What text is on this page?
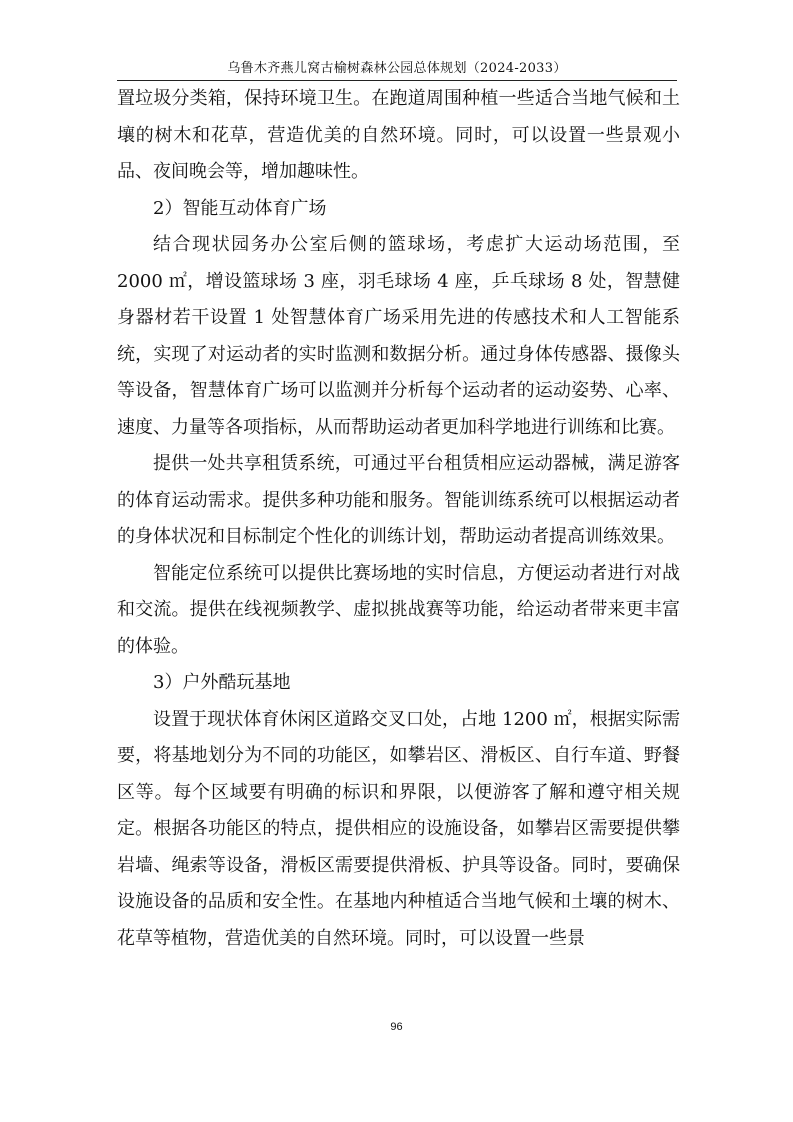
乌鲁木齐燕儿窝古榆树森林公园总体规划（2024-2033）

置垃圾分类箱，保持环境卫生。在跑道周围种植一些适合当地气候和土壤的树木和花草，营造优美的自然环境。同时，可以设置一些景观小品、夜间晚会等，增加趣味性。

2）智能互动体育广场

结合现状园务办公室后侧的篮球场，考虑扩大运动场范围，至 2000 ㎡，增设篮球场 3 座，羽毛球场 4 座，乒乓球场 8 处，智慧健身器材若干设置 1 处智慧体育广场采用先进的传感技术和人工智能系统，实现了对运动者的实时监测和数据分析。通过身体传感器、摄像头等设备，智慧体育广场可以监测并分析每个运动者的运动姿势、心率、速度、力量等各项指标，从而帮助运动者更加科学地进行训练和比赛。

提供一处共享租赁系统，可通过平台租赁相应运动器械，满足游客的体育运动需求。提供多种功能和服务。智能训练系统可以根据运动者的身体状况和目标制定个性化的训练计划，帮助运动者提高训练效果。

智能定位系统可以提供比赛场地的实时信息，方便运动者进行对战和交流。提供在线视频教学、虚拟挑战赛等功能，给运动者带来更丰富的体验。

3）户外酷玩基地

设置于现状体育休闲区道路交叉口处，占地 1200 ㎡，根据实际需要，将基地划分为不同的功能区，如攀岩区、滑板区、自行车道、野餐区等。每个区域要有明确的标识和界限，以便游客了解和遵守相关规定。根据各功能区的特点，提供相应的设施设备，如攀岩区需要提供攀岩墙、绳索等设备，滑板区需要提供滑板、护具等设备。同时，要确保设施设备的品质和安全性。在基地内种植适合当地气候和土壤的树木、花草等植物，营造优美的自然环境。同时，可以设置一些景

96
